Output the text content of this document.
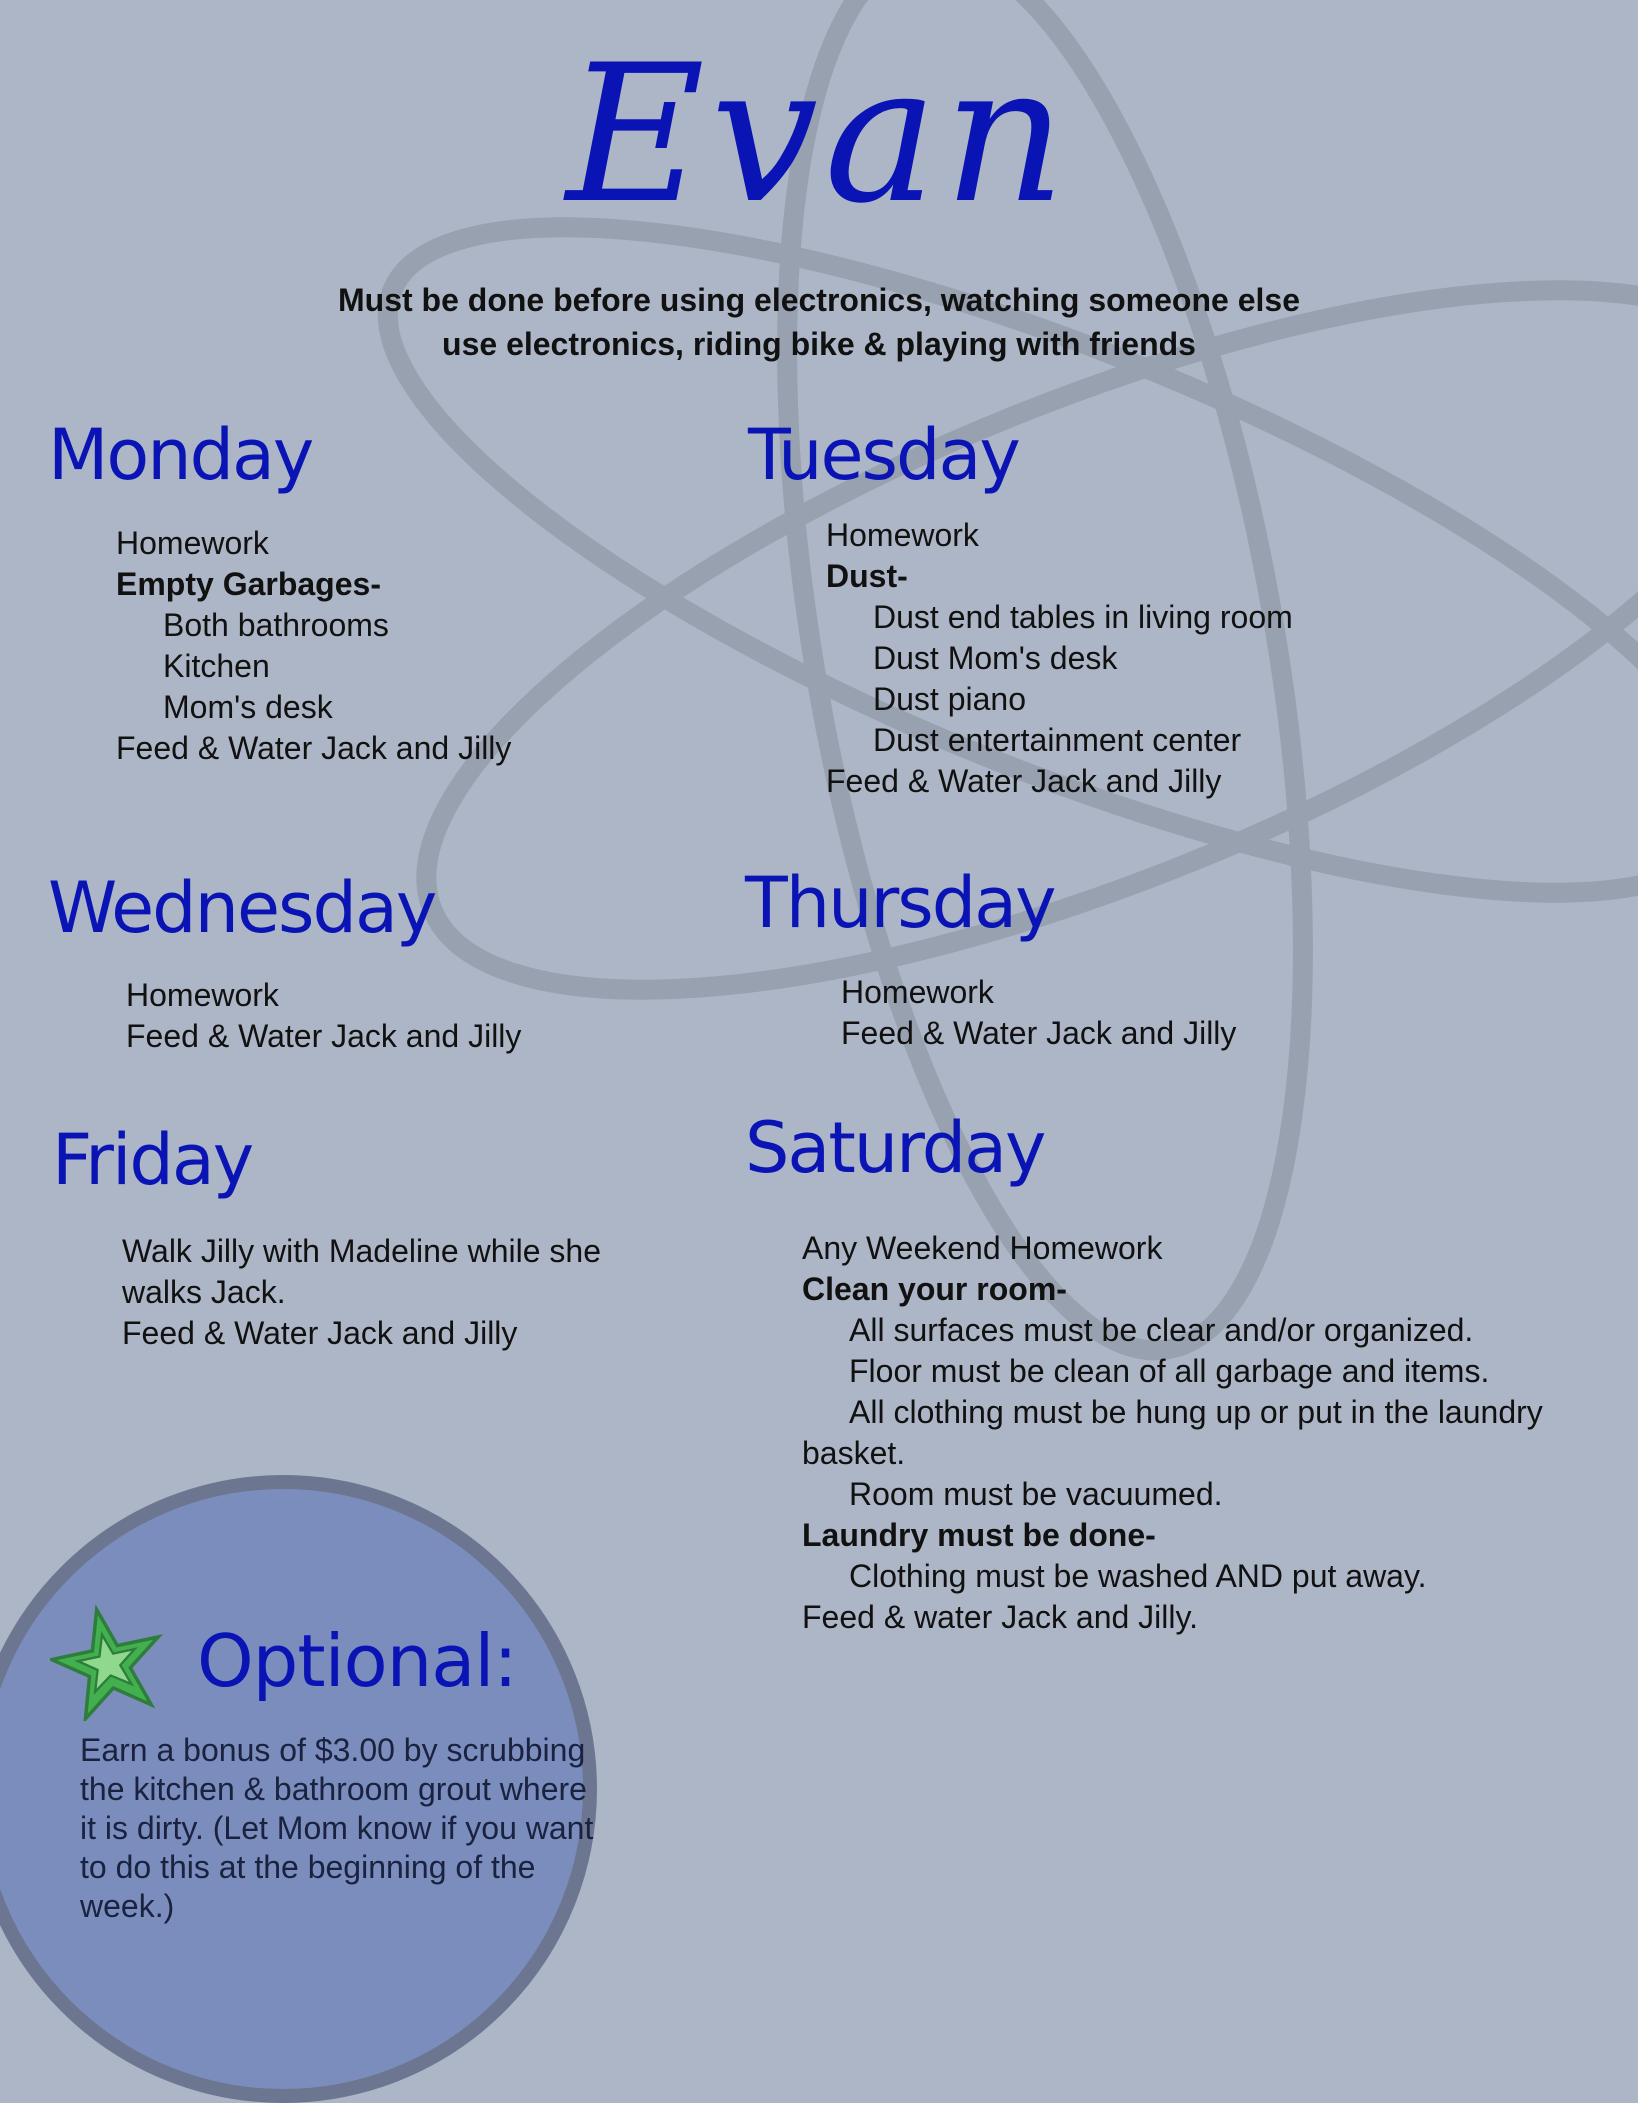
Evan
Must be done before using electronics, watching someone else
use electronics, riding bike & playing with friends
Monday
Homework
Empty Garbages-
Both bathrooms
Kitchen
Mom's desk
Feed & Water Jack and Jilly
Tuesday
Homework
Dust-
Dust end tables in living room
Dust Mom's desk
Dust piano
Dust entertainment center
Feed & Water Jack and Jilly
Wednesday
Homework
Feed & Water Jack and Jilly
Thursday
Homework
Feed & Water Jack and Jilly
Friday
Walk Jilly with Madeline while she walks Jack.
Feed & Water Jack and Jilly
Saturday
Any Weekend Homework
Clean your room-
All surfaces must be clear and/or organized.
Floor must be clean of all garbage and items.
All clothing must be hung up or put in the laundry basket.
Room must be vacuumed.
Laundry must be done-
Clothing must be washed AND put away.
Feed & water Jack and Jilly.
Optional:
Earn a bonus of $3.00 by scrubbing the kitchen & bathroom grout where it is dirty. (Let Mom know if you want to do this at the beginning of the week.)
